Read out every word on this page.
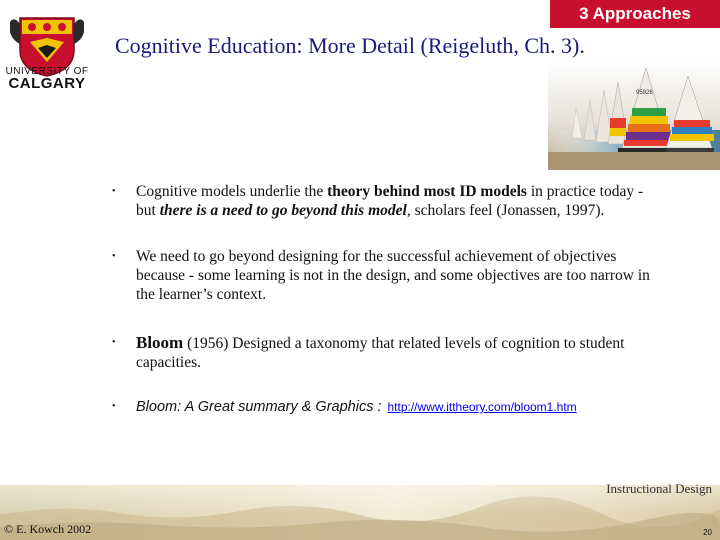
3 Approaches
UNIVERSITY OF
CALGARY
Cognitive Education: More Detail (Reigeluth, Ch. 3).
95926
• Cognitive models underlie the theory behind most ID models in practice today - but there is a need to go beyond this model, scholars feel (Jonassen, 1997).
• We need to go beyond designing for the successful achievement of objectives because - some learning is not in the design, and some objectives are too narrow in the learner’s context.
• Bloom (1956) Designed a taxonomy that related levels of cognition to student capacities.
• Bloom: A Great summary & Graphics : http://www.ittheory.com/bloom1.htm
© E. Kowch 2002
Instructional Design
20
